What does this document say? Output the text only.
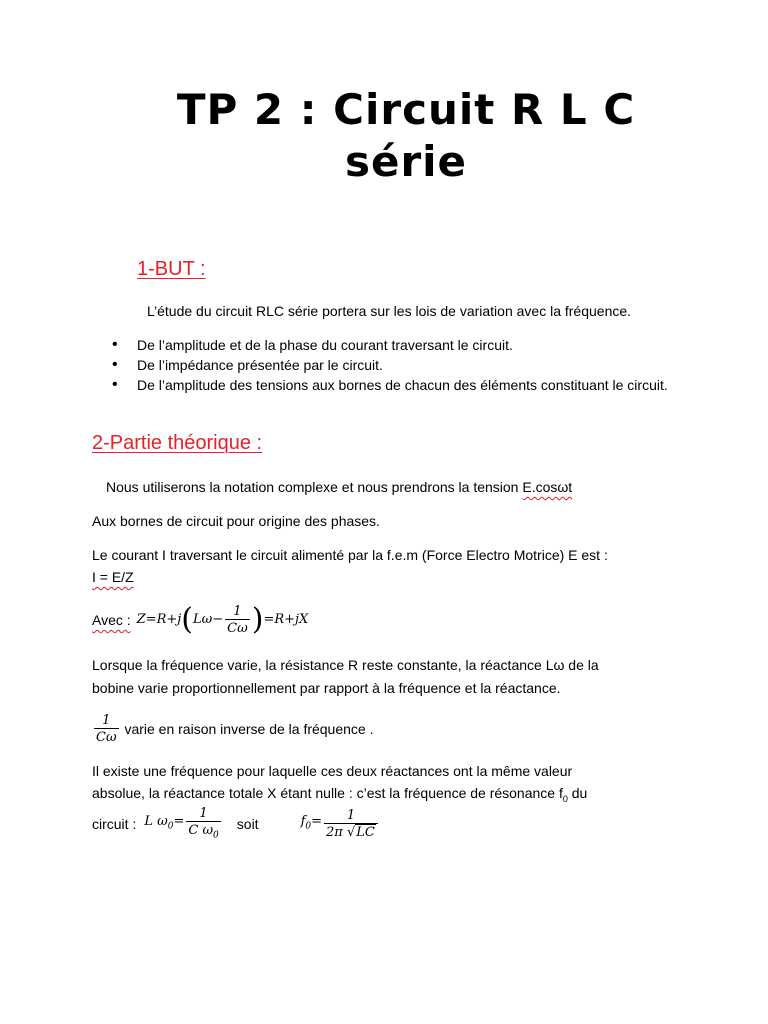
TP 2 : Circuit R L C
série
1-BUT :
L’étude du circuit RLC série portera sur les lois de variation avec la fréquence.
• De l’amplitude et de la phase du courant traversant le circuit.
• De l’impédance présentée par le circuit.
• De l’amplitude des tensions aux bornes de chacun des éléments constituant le circuit.
2-Partie théorique :
Nous utiliserons la notation complexe et nous prendrons la tension E.cosωt
Aux bornes de circuit pour origine des phases.
Le courant I traversant le circuit alimenté par la f.e.m (Force Electro Motrice) E est :
I = E/Z
Avec : Z=R+j ( $L\omega- \frac{1}{C\omega}$ ) =R+jX
Lorsque la fréquence varie, la résistance R reste constante, la réactance Lω de la
bobine varie proportionnellement par rapport à la fréquence et la réactance.
$\frac{1}{C\omega}$ varie en raison inverse de la fréquence .
Il existe une fréquence pour laquelle ces deux réactances ont la même valeur
absolue, la réactance totale X étant nulle : c’est la fréquence de résonance $f_0$ du
circuit : L $\omega_0= \frac{1}{C \omega_0}$ soit	$f_0= \frac{1}{2\pi √LC}$
